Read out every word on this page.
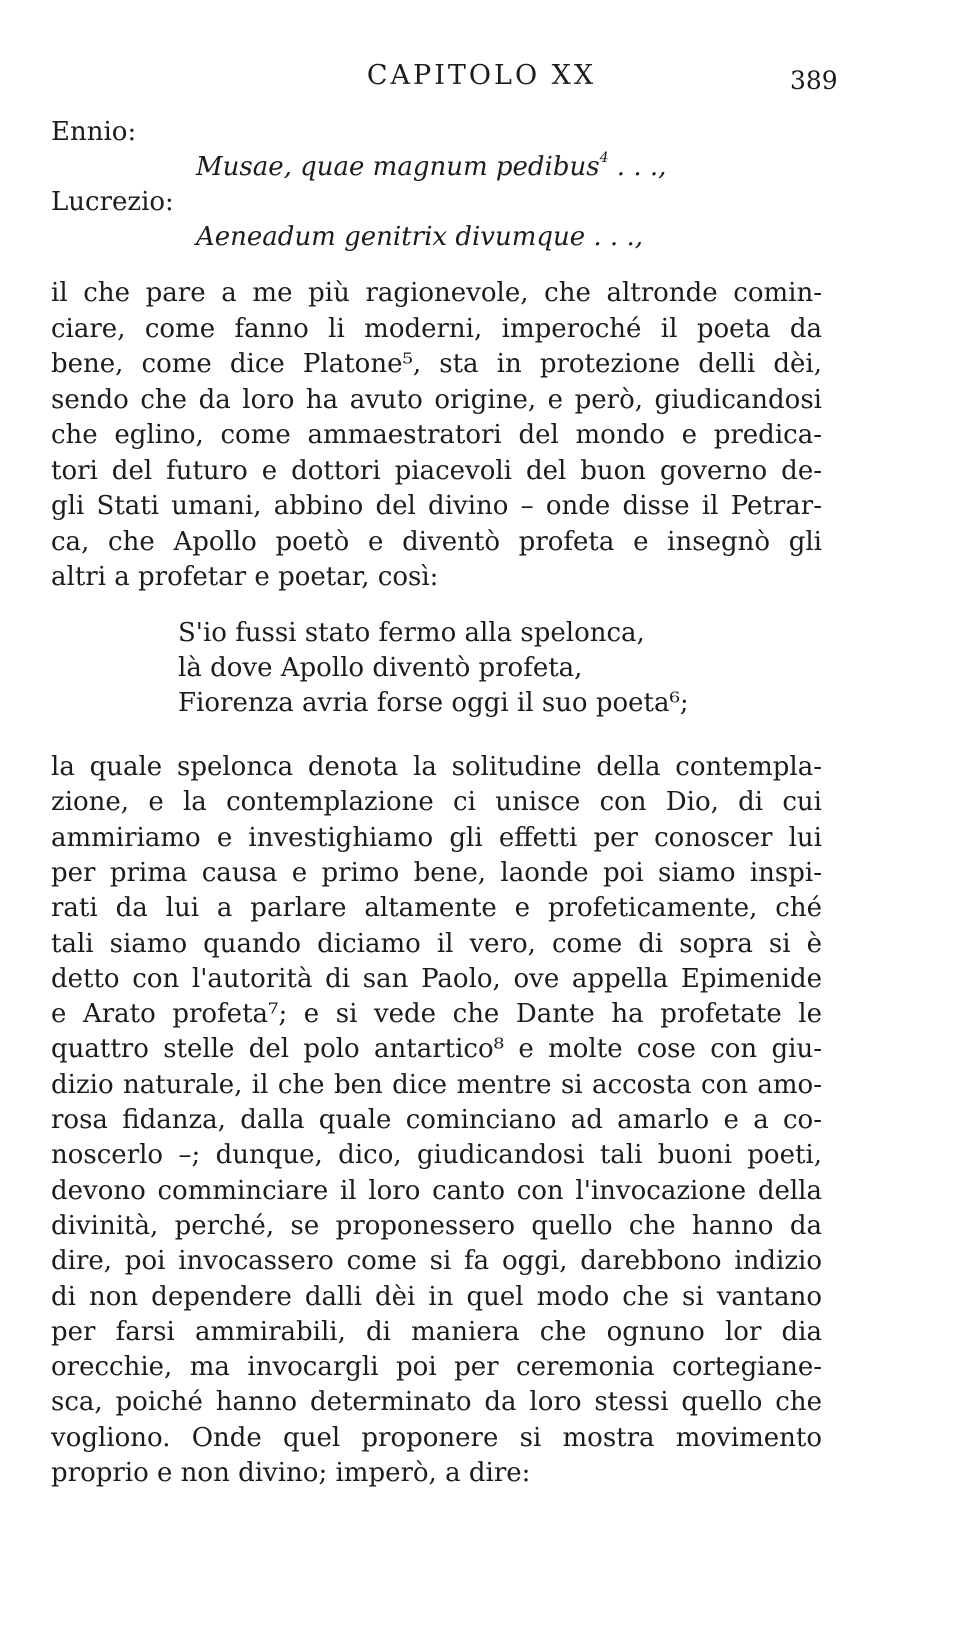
CAPITOLO XX	389
Ennio:
Musae, quae magnum pedibus$^4$ . . .,
Lucrezio:
Aeneadum genitrix divumque . . .,
il che pare a me più ragionevole, che altronde comin-
ciare, come fanno li moderni, imperoché il poeta da
bene, come dice Platone⁵, sta in protezione delli dèi,
sendo che da loro ha avuto origine, e però, giudicandosi
che eglino, come ammaestratori del mondo e predica-
tori del futuro e dottori piacevoli del buon governo de-
gli Stati umani, abbino del divino – onde disse il Petrar-
ca, che Apollo poetò e diventò profeta e insegnò gli
altri a profetar e poetar, così:
S'io fussi stato fermo alla spelonca,
là dove Apollo diventò profeta,
Fiorenza avria forse oggi il suo poeta⁶;
la quale spelonca denota la solitudine della contempla-
zione, e la contemplazione ci unisce con Dio, di cui
ammiriamo e investighiamo gli effetti per conoscer lui
per prima causa e primo bene, laonde poi siamo inspi-
rati da lui a parlare altamente e profeticamente, ché
tali siamo quando diciamo il vero, come di sopra si è
detto con l'autorità di san Paolo, ove appella Epimenide
e Arato profeta⁷; e si vede che Dante ha profetate le
quattro stelle del polo antartico⁸ e molte cose con giu-
dizio naturale, il che ben dice mentre si accosta con amo-
rosa fidanza, dalla quale cominciano ad amarlo e a co-
noscerlo –; dunque, dico, giudicandosi tali buoni poeti,
devono comminciare il loro canto con l'invocazione della
divinità, perché, se proponessero quello che hanno da
dire, poi invocassero come si fa oggi, darebbono indizio
di non dependere dalli dèi in quel modo che si vantano
per farsi ammirabili, di maniera che ognuno lor dia
orecchie, ma invocargli poi per ceremonia cortegiane-
sca, poiché hanno determinato da loro stessi quello che
vogliono. Onde quel proponere si mostra movimento
proprio e non divino; imperò, a dire:
